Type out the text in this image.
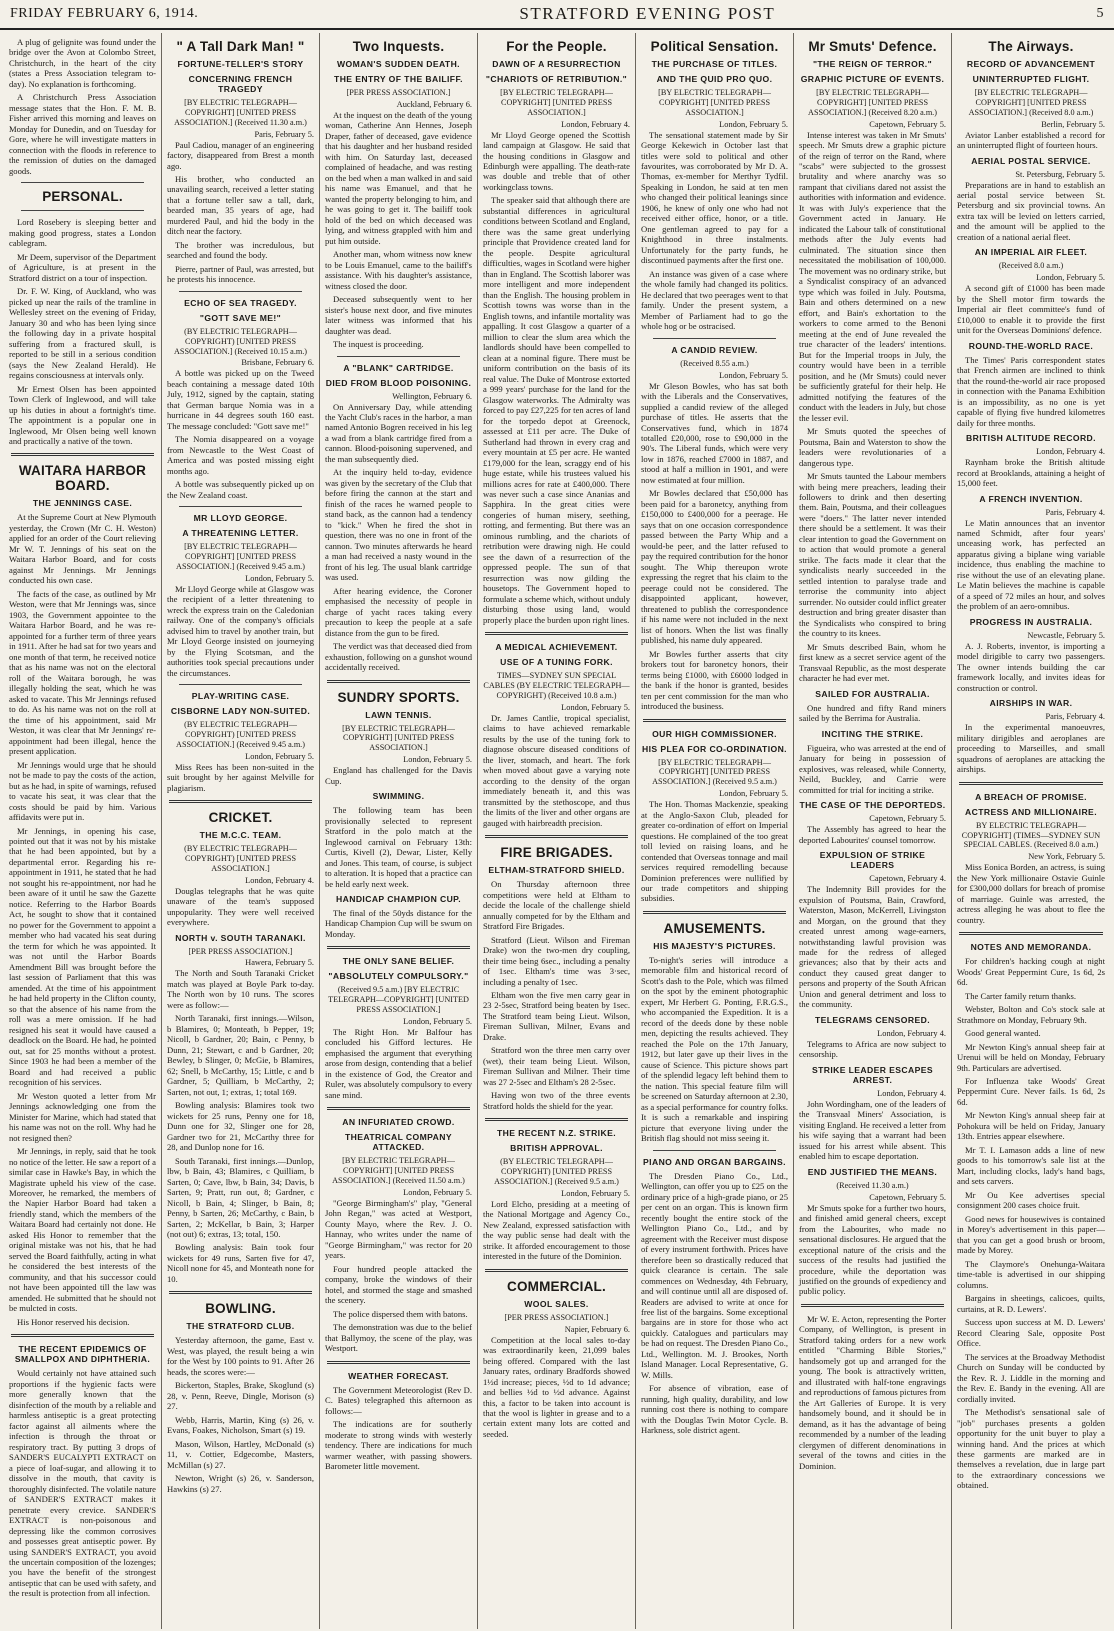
FRIDAY FEBRUARY 6, 1914.	STRATFORD EVENING POST	5

A plug of gelignite was found under the bridge over the Avon at Colombo Street, Christchurch, in the heart of the city (states a Press Association telegram to-day). No explanation is forthcoming.

A Christchurch Press Association message states that the Hon. F. M. B. Fisher arrived this morning and leaves on Monday for Dunedin, and on Tuesday for Gore, where he will investigate matters in connection with the floods in reference to the remission of duties on the damaged goods.

PERSONAL.

Lord Rosebery is sleeping better and making good progress, states a London cablegram.

Mr Deem, supervisor of the Department of Agriculture, is at present in the Stratford district on a tour of inspection.

Dr. F. W. King, of Auckland, who was picked up near the rails of the tramline in Wellesley street on the evening of Friday, January 30 and who has been lying since the following day in a private hospital suffering from a fractured skull, is reported to be still in a serious condition (says the New Zealand Herald). He regains consciousness at intervals only.

Mr Ernest Olsen has been appointed Town Clerk of Inglewood, and will take up his duties in about a fortnight's time. The appointment is a popular one in Inglewood, Mr Olsen being well known and practically a native of the town.

WAITARA HARBOR BOARD.
THE JENNINGS CASE.

At the Supreme Court at New Plymouth yesterday, the Crown (Mr C. H. Weston) applied for an order of the Court relieving Mr W. T. Jennings of his seat on the Waitara Harbor Board, and for costs against Mr Jennings. Mr Jennings conducted his own case.

The facts of the case, as outlined by Mr Weston, were that Mr Jennings was, since 1903, the Government appointee to the Waitara Harbor Board, and he was re-appointed for a further term of three years in 1911. After he had sat for two years and one month of that term, he received notice that as his name was not on the electoral roll of the Waitara borough, he was illegally holding the seat, which he was asked to vacate. This Mr Jennings refused to do. As his name was not on the roll at the time of his appointment, said Mr Weston, it was clear that Mr Jennings' re-appointment had been illegal, hence the present application.

Mr Jennings would urge that he should not be made to pay the costs of the action, but as he had, in spite of warnings, refused to vacate his seat, it was clear that the costs should be paid by him. Various affidavits were put in.

Mr Jennings, in opening his case, pointed out that it was not by his mistake that he had been appointed, but by a departmental error. Regarding his re-appointment in 1911, he stated that he had not sought his re-appointment, nor had he been aware of it until he saw the Gazette notice. Referring to the Harbor Boards Act, he sought to show that it contained no power for the Government to appoint a member who had vacated his seat during the term for which he was appointed. It was not until the Harbor Boards Amendment Bill was brought before the last session of Parliament that this was amended. At the time of his appointment he had held property in the Clifton county, so that the absence of his name from the roll was a mere omission. If he had resigned his seat it would have caused a deadlock on the Board. He had, he pointed out, sat for 25 months without a protest. Since 1903 he had been a member of the Board and had received a public recognition of his services.

Mr Weston quoted a letter from Mr Jennings acknowledging one from the Minister for Marine, which had stated that his name was not on the roll. Why had he not resigned then?

Mr Jennings, in reply, said that he took no notice of the letter. He saw a report of a similar case in Hawke's Bay, in which the Magistrate upheld his view of the case. Moreover, he remarked, the members of the Napier Harbor Board had taken a friendly stand, which the members of the Waitara Board had certainly not done. He asked His Honor to remember that the original mistake was not his, that he had served the Board faithfully, acting in what he considered the best interests of the community, and that his successor could not have been appointed till the law was amended. He submitted that he should not be mulcted in costs.

His Honor reserved his decision.

THE RECENT EPIDEMICS OF SMALLPOX AND DIPHTHERIA.

Would certainly not have attained such proportions if the hygienic facts were more generally known that the disinfection of the mouth by a reliable and harmless antiseptic is a great protecting factor against all ailments where the infection is through the throat or respiratory tract. By putting 3 drops of SANDER'S EUCALYPTI EXTRACT on a piece of loaf-sugar, and allowing it to dissolve in the mouth, that cavity is thoroughly disinfected. The volatile nature of SANDER'S EXTRACT makes it penetrate every crevice. SANDER'S EXTRACT is non-poisonous and depressing like the common corrosives and possesses great antiseptic power. By using SANDER'S EXTRACT, you avoid the uncertain composition of the lozenges; you have the benefit of the strongest antiseptic that can be used with safety, and the result is protection from all infection.

" A Tall Dark Man! "
FORTUNE-TELLER'S STORY
CONCERNING FRENCH TRAGEDY
[BY ELECTRIC TELEGRAPH—COPYRIGHT] [UNITED PRESS ASSOCIATION.] (Received 11.30 a.m.)
Paris, February 5.

Paul Cadiou, manager of an engineering factory, disappeared from Brest a month ago.

His brother, who conducted an unavailing search, received a letter stating that a fortune teller saw a tall, dark, bearded man, 35 years of age, had murdered Paul, and hid the body in the ditch near the factory.

The brother was incredulous, but searched and found the body.

Pierre, partner of Paul, was arrested, but he protests his innocence.

ECHO OF SEA TRAGEDY.
"GOTT SAVE ME!"
(BY ELECTRIC TELEGRAPH—COPYRIGHT) [UNITED PRESS ASSOCIATION.] (Received 10.15 a.m.)
Brisbane, February 6.

A bottle was picked up on the Tweed beach containing a message dated 10th July, 1912, signed by the captain, stating that German barque Nomia was in a hurricane in 44 degrees south 160 east. The message concluded: "Gott save me!"

The Nomia disappeared on a voyage from Newcastle to the West Coast of America and was posted missing eight months ago.

A bottle was subsequently picked up on the New Zealand coast.

MR LLOYD GEORGE.
A THREATENING LETTER.
[BY ELECTRIC TELEGRAPH—COPYRIGHT] [UNITED PRESS ASSOCIATION.] (Received 9.45 a.m.)
London, February 5.

Mr Lloyd George while at Glasgow was the recipient of a letter threatening to wreck the express train on the Caledonian railway. One of the company's officials advised him to travel by another train, but Mr Lloyd George insisted on journeying by the Flying Scotsman, and the authorities took special precautions under the circumstances.

PLAY-WRITING CASE.
CISBORNE LADY NON-SUITED.
(BY ELECTRIC TELEGRAPH—COPYRIGHT) [UNITED PRESS ASSOCIATION.] (Received 9.45 a.m.)
London, February 5.

Miss Rees has been non-suited in the suit brought by her against Melville for plagiarism.

CRICKET.
THE M.C.C. TEAM.
(BY ELECTRIC TELEGRAPH—COPYRIGHT) [UNITED PRESS ASSOCIATION.]
London, February 4.

Douglas telegraphs that he was quite unaware of the team's supposed unpopularity. They were well received everywhere.

NORTH v. SOUTH TARANAKI.
[PER PRESS ASSOCIATION.]
Hawera, February 5.

The North and South Taranaki Cricket match was played at Boyle Park to-day. The North won by 10 runs. The scores were as follow:—

North Taranaki, first innings.—Wilson, b Blamires, 0; Monteath, b Pepper, 19; Nicoll, b Gardner, 20; Bain, c Penny, b Dunn, 21; Stewart, c and b Gardner, 20; Bewley, b Slinger, 0; McGie, b Blamires, 62; Snell, b McCarthy, 15; Little, c and b Gardner, 5; Quilliam, b McCarthy, 2; Sarten, not out, 1; extras, 1; total 169.

Bowling analysis: Blamires took two wickets for 25 runs, Penny one for 18, Dunn one for 32, Slinger one for 28, Gardner two for 21, McCarthy three for 28, and Dunlop none for 16.

South Taranaki, first innings.—Dunlop, lbw, b Bain, 43; Blamires, c Quilliam, b Sarten, 0; Cave, lbw, b Bain, 34; Davis, b Sarten, 9; Pratt, run out, 8; Gardner, c Nicoll, b Bain, 4; Slinger, b Bain, 8; Penny, b Sarten, 26; McCarthy, c Bain, b Sarten, 2; McKellar, b Bain, 3; Harper (not out) 6; extras, 13; total, 150.

Bowling analysis: Bain took four wickets for 49 runs, Sarten five for 47, Nicoll none for 45, and Monteath none for 10.

BOWLING.
THE STRATFORD CLUB.

Yesterday afternoon, the game, East v. West, was played, the result being a win for the West by 100 points to 91. After 26 heads, the scores were:—

Bickerton, Staples, Brake, Skoglund (s) 28, v. Penn, Reeve, Dingle, Morison (s) 27.

Webb, Harris, Martin, King (s) 26, v. Evans, Foakes, Nicholson, Smart (s) 19.

Mason, Wilson, Hartley, McDonald (s) 11, v. Cottier, Edgecombe, Masters, McMillan (s) 27.

Newton, Wright (s) 26, v. Sanderson, Hawkins (s) 27.

Two Inquests.
WOMAN'S SUDDEN DEATH.
THE ENTRY OF THE BAILIFF.
[PER PRESS ASSOCIATION.]
Auckland, February 6.

At the inquest on the death of the young woman, Catherine Ann Hennes, Joseph Draper, father of deceased, gave evidence that his daughter and her husband resided with him. On Saturday last, deceased complained of headache, and was resting on the bed when a man walked in and said his name was Emanuel, and that he wanted the property belonging to him, and he was going to get it. The bailiff took hold of the bed on which deceased was lying, and witness grappled with him and put him outside.

Another man, whom witness now knew to be Louis Emanuel, came to the bailiff's assistance. With his daughter's assistance, witness closed the door.

Deceased subsequently went to her sister's house next door, and five minutes later witness was informed that his daughter was dead.

The inquest is proceeding.

A "BLANK" CARTRIDGE.
DIED FROM BLOOD POISONING.
Wellington, February 6.

On Anniversary Day, while attending the Yacht Club's races in the harbor, a man named Antonio Bogren received in his leg a wad from a blank cartridge fired from a cannon. Blood-poisoning supervened, and the man subsequently died.

At the inquiry held to-day, evidence was given by the secretary of the Club that before firing the cannon at the start and finish of the races he warned people to stand back, as the cannon had a tendency to "kick." When he fired the shot in question, there was no one in front of the cannon. Two minutes afterwards he heard a man had received a nasty wound in the front of his leg. The usual blank cartridge was used.

After hearing evidence, the Coroner emphasised the necessity of people in charge of yacht races taking every precaution to keep the people at a safe distance from the gun to be fired.

The verdict was that deceased died from exhaustion, following on a gunshot wound accidentally received.

SUNDRY SPORTS.
LAWN TENNIS.
[BY ELECTRIC TELEGRAPH—COPYRIGHT] [UNITED PRESS ASSOCIATION.]
London, February 5.

England has challenged for the Davis Cup.

SWIMMING.

The following team has been provisionally selected to represent Stratford in the polo match at the Inglewood carnival on February 13th: Curtis, Kivell (2), Dewar, Lister, Kelly and Jones. This team, of course, is subject to alteration. It is hoped that a practice can be held early next week.

HANDICAP CHAMPION CUP.

The final of the 50yds distance for the Handicap Champion Cup will be swum on Monday.

THE ONLY SANE BELIEF.
"ABSOLUTELY COMPULSORY."
(Received 9.5 a.m.) [BY ELECTRIC TELEGRAPH—COPYRIGHT] [UNITED PRESS ASSOCIATION.]
London, February 5.

The Right Hon. Mr Balfour has concluded his Gifford lectures. He emphasised the argument that everything arose from design, contending that a belief in the existence of God, the Creator and Ruler, was absolutely compulsory to every sane mind.

AN INFURIATED CROWD.
THEATRICAL COMPANY ATTACKED.
[BY ELECTRIC TELEGRAPH—COPYRIGHT] [UNITED PRESS ASSOCIATION.] (Received 11.50 a.m.)
London, February 5.

"George Birmingham's" play, "General John Regan," was acted at Westport, County Mayo, where the Rev. J. O. Hannay, who writes under the name of "George Birmingham," was rector for 20 years.

Four hundred people attacked the company, broke the windows of their hotel, and stormed the stage and smashed the scenery.

The police dispersed them with batons.

The demonstration was due to the belief that Ballymoy, the scene of the play, was Westport.

WEATHER FORECAST.

The Government Meteorologist (Rev D. C. Bates) telegraphed this afternoon as follows:—

The indications are for southerly moderate to strong winds with westerly tendency. There are indications for much warmer weather, with passing showers. Barometer little movement.

For the People.
DAWN OF A RESURRECTION
"CHARIOTS OF RETRIBUTION."
[BY ELECTRIC TELEGRAPH—COPYRIGHT] [UNITED PRESS ASSOCIATION.]
London, February 4.

Mr Lloyd George opened the Scottish land campaign at Glasgow. He said that the housing conditions in Glasgow and Edinburgh were appalling. The death-rate was double and treble that of other workingclass towns.

The speaker said that although there are substantial differences in agricultural conditions between Scotland and England, there was the same great underlying principle that Providence created land for the people. Despite agricultural difficulties, wages in Scotland were higher than in England. The Scottish laborer was more intelligent and more independent than the English. The housing problem in Scottish towns was worse than in the English towns, and infantile mortality was appalling. It cost Glasgow a quarter of a million to clear the slum area which the landlords should have been compelled to clean at a nominal figure. There must be uniform contribution on the basis of its real value. The Duke of Montrose extorted a 999 years' purchase for the land for the Glasgow waterworks. The Admiralty was forced to pay £27,225 for ten acres of land for the torpedo depot at Greenock, assessed at £11 per acre. The Duke of Sutherland had thrown in every crag and every mountain at £5 per acre. He wanted £179,000 for the lean, scraggy end of his huge estate, while his trustees valued his millions acres for rate at £400,000. There was never such a case since Ananias and Sapphira. In the great cities were congeries of human misery, seething, rotting, and fermenting. But there was an ominous rumbling, and the chariots of retribution were drawing nigh. He could see the dawn of a resurrection of the oppressed people. The sun of that resurrection was now gilding the housetops. The Government hoped to formulate a scheme which, without unduly disturbing those using land, would properly place the burden upon right lines.

A MEDICAL ACHIEVEMENT.
USE OF A TUNING FORK.
TIMES—SYDNEY SUN SPECIAL CABLES (BY ELECTRIC TELEGRAPH—COPYRIGHT) (Received 10.8 a.m.)
London, February 5.

Dr. James Cantlie, tropical specialist, claims to have achieved remarkable results by the use of the tuning fork to diagnose obscure diseased conditions of the liver, stomach, and heart. The fork when moved about gave a varying note according to the density of the organ immediately beneath it, and this was transmitted by the stethoscope, and thus the limits of the liver and other organs are gauged with hairbreadth precision.

FIRE BRIGADES.
ELTHAM-STRATFORD SHIELD.

On Thursday afternoon three competitions were held at Eltham to decide the locale of the challenge shield annually competed for by the Eltham and Stratford Fire Brigades.

Stratford (Lieut. Wilson and Fireman Drake) won the two-men dry coupling, their time being 6sec., including a penalty of 1sec. Eltham's time was 3·sec, including a penalty of 1sec.

Eltham won the five men carry gear in 23 2-5sec, Stratford being beaten by 1sec. The Stratford team being Lieut. Wilson, Fireman Sullivan, Milner, Evans and Drake.

Stratford won the three men carry over (wet), their team being Lieut. Wilson, Fireman Sullivan and Milner. Their time was 27 2-5sec and Eltham's 28 2-5sec.

Having won two of the three events Stratford holds the shield for the year.

THE RECENT N.Z. STRIKE.
BRITISH APPROVAL.
(BY ELECTRIC TELEGRAPH—COPYRIGHT) [UNITED PRESS ASSOCIATION.] (Received 9.5 a.m.)
London, February 5.

Lord Elcho, presiding at a meeting of the National Mortgage and Agency Co., New Zealand, expressed satisfaction with the way public sense had dealt with the strike. It afforded encouragement to those interested in the future of the Dominion.

COMMERCIAL.
WOOL SALES.
[PER PRESS ASSOCIATION.]
Napier, February 6.

Competition at the local sales to-day was extraordinarily keen, 21,099 bales being offered. Compared with the last January rates, ordinary Bradfords showed 1½d increase; pieces, ½d to 1d advance; and bellies ½d to ½d advance. Against this, a factor to be taken into account is that the wool is lighter in grease and to a certain extent many lots are cotted and seeded.

Political Sensation.
THE PURCHASE OF TITLES.
AND THE QUID PRO QUO.
[BY ELECTRIC TELEGRAPH—COPYRIGHT] [UNITED PRESS ASSOCIATION.]
London, February 5.

The sensational statement made by Sir George Kekewich in October last that titles were sold to political and other favourites, was corroborated by Mr D. A. Thomas, ex-member for Merthyr Tydfil. Speaking in London, he said at ten men who changed their political leanings since 1906, he knew of only one who had not received either office, honor, or a title. One gentleman agreed to pay for a Knighthood in three instalments. Unfortunately for the party funds, he discontinued payments after the first one.

An instance was given of a case where the whole family had changed its politics. He declared that two peerages went to that family. Under the present system, a Member of Parliament had to go the whole hog or be ostracised.

A CANDID REVIEW.
(Received 8.55 a.m.)
London, February 5.

Mr Gleson Bowles, who has sat both with the Liberals and the Conservatives, supplied a candid review of the alleged purchase of titles. He asserts that the Conservatives fund, which in 1874 totalled £20,000, rose to £90,000 in the 90's. The Liberal funds, which were very low in 1876, reached £7000 in 1887, and stood at half a million in 1901, and were now estimated at four million.

Mr Bowles declared that £50,000 has been paid for a baronetcy, anything from £150,000 to £400,000 for a peerage. He says that on one occasion correspondence passed between the Party Whip and a would-be peer, and the latter refused to pay the required contribution for the honor sought. The Whip thereupon wrote expressing the regret that his claim to the peerage could not be considered. The disappointed applicant, however, threatened to publish the correspondence if his name were not included in the next list of honors. When the list was finally published, his name duly appeared.

Mr Bowles further asserts that city brokers tout for baronetcy honors, their terms being £1000, with £6000 lodged in the bank if the honor is granted, besides ten per cent commission for the man who introduced the business.

OUR HIGH COMMISSIONER.
HIS PLEA FOR CO-ORDINATION.
[BY ELECTRIC TELEGRAPH—COPYRIGHT] [UNITED PRESS ASSOCIATION.] (Received 9.5 a.m.)
London, February 5.

The Hon. Thomas Mackenzie, speaking at the Anglo-Saxon Club, pleaded for greater co-ordination of effort on Imperial questions. He complained of the too great toll levied on raising loans, and he contended that Overseas tonnage and mail services required remodelling because Dominion preferences were nullified by our trade competitors and shipping subsidies.

AMUSEMENTS.
HIS MAJESTY'S PICTURES.

To-night's series will introduce a memorable film and historical record of Scott's dash to the Pole, which was filmed on the spot by the eminent photographic expert, Mr Herbert G. Ponting, F.R.G.S., who accompanied the Expedition. It is a record of the deeds done by these noble men, depicting the results achieved. They reached the Pole on the 17th January, 1912, but later gave up their lives in the cause of Science. This picture shows part of the splendid legacy left behind them to the nation. This special feature film will be screened on Saturday afternoon at 2.30, as a special performance for country folks. It is such a remarkable and inspiring picture that everyone living under the British flag should not miss seeing it.

PIANO AND ORGAN BARGAINS.

The Dresden Piano Co., Ltd., Wellington, can offer you up to £25 on the ordinary price of a high-grade piano, or 25 per cent on an organ. This is known firm recently bought the entire stock of the Wellington Piano Co., Ltd., and by agreement with the Receiver must dispose of every instrument forthwith. Prices have therefore been so drastically reduced that quick clearance is certain. The sale commences on Wednesday, 4th February, and will continue until all are disposed of. Readers are advised to write at once for free list of the bargains. Some exceptional bargains are in store for those who act quickly. Catalogues and particulars may be had on request. The Dresden Piano Co., Ltd., Wellington. M. J. Brookes, North Island Manager. Local Representative, G. W. Mills.

For absence of vibration, ease of running, high quality, durability, and low running cost there is nothing to compare with the Douglas Twin Motor Cycle. B. Harkness, sole district agent.

Mr Smuts' Defence.
"THE REIGN OF TERROR."
GRAPHIC PICTURE OF EVENTS.
[BY ELECTRIC TELEGRAPH—COPYRIGHT] [UNITED PRESS ASSOCIATION.] (Received 8.20 a.m.)
Capetown, February 5.

Intense interest was taken in Mr Smuts' speech. Mr Smuts drew a graphic picture of the reign of terror on the Rand, where "scabs" were subjected to the grossest brutality and where anarchy was so rampant that civilians dared not assist the authorities with information and evidence. It was with July's experience that the Government acted in January. He indicated the Labour talk of constitutional methods after the July events had culminated. The situation since then necessitated the mobilisation of 100,000. The movement was no ordinary strike, but a Syndicalist conspiracy of an advanced type which was foiled in July. Poutsma, Bain and others determined on a new effort, and Bain's exhortation to the workers to come armed to the Benoni meeting at the end of June revealed the true character of the leaders' intentions. But for the Imperial troops in July, the country would have been in a terrible position, and he (Mr Smuts) could never be sufficiently grateful for their help. He admitted notifying the features of the conduct with the leaders in July, but chose the lesser evil.

Mr Smuts quoted the speeches of Poutsma, Bain and Waterston to show the leaders were revolutionaries of a dangerous type.

Mr Smuts taunted the Labour members with being mere preachers, leading their followers to drink and then deserting them. Bain, Poutsma, and their colleagues were "doers." The latter never intended there should be a settlement. It was their clear intention to goad the Government on to action that would promote a general strike. The facts made it clear that the syndicalists nearly succeeded in the settled intention to paralyse trade and terrorise the community into abject surrender. No outsider could inflict greater destruction and bring greater disaster than the Syndicalists who conspired to bring the country to its knees.

Mr Smuts described Bain, whom he first knew as a secret service agent of the Transvaal Republic, as the most desperate character he had ever met.

SAILED FOR AUSTRALIA.

One hundred and fifty Rand miners sailed by the Berrima for Australia.

INCITING THE STRIKE.

Figueira, who was arrested at the end of January for being in possession of explosives, was released, while Connerty, Neild, Buckley, and Carrie were committed for trial for inciting a strike.

THE CASE OF THE DEPORTEDS.
Capetown, February 5.

The Assembly has agreed to hear the deported Labourites' counsel tomorrow.

EXPULSION OF STRIKE LEADERS
Capetown, February 4.

The Indemnity Bill provides for the expulsion of Poutsma, Bain, Crawford, Waterston, Mason, McKerrell, Livingston and Morgan, on the ground that they created unrest among wage-earners, notwithstanding lawful provision was made for the redress of alleged grievances; also that by their acts and conduct they caused great danger to persons and property of the South African Union and general detriment and loss to the community.

TELEGRAMS CENSORED.
London, February 4.

Telegrams to Africa are now subject to censorship.

STRIKE LEADER ESCAPES ARREST.
London, February 4.

John Wordingham, one of the leaders of the Transvaal Miners' Association, is visiting England. He received a letter from his wife saying that a warrant had been issued for his arrest while absent. This enabled him to escape deportation.

END JUSTIFIED THE MEANS.
(Received 11.30 a.m.)
Capetown, February 5.

Mr Smuts spoke for a further two hours, and finished amid general cheers, except from the Labourites, who made no sensational disclosures. He argued that the exceptional nature of the crisis and the success of the results had justified the procedure, while the deportation was justified on the grounds of expediency and public policy.

Mr W. E. Acton, representing the Porter Company, of Wellington, is present in Stratford taking orders for a new work entitled "Charming Bible Stories," handsomely got up and arranged for the young. The book is attractively written, and illustrated with half-tone engravings and reproductions of famous pictures from the Art Galleries of Europe. It is very handsomely bound, and it should be in demand, as it has the advantage of being recommended by a number of the leading clergymen of different denominations in several of the towns and cities in the Dominion.

The Airways.
RECORD OF ADVANCEMENT
UNINTERRUPTED FLIGHT.
[BY ELECTRIC TELEGRAPH—COPYRIGHT] [UNITED PRESS ASSOCIATION.] (Received 8.0 a.m.)
Berlin, February 5.

Aviator Lanber established a record for an uninterrupted flight of fourteen hours.

AERIAL POSTAL SERVICE.
St. Petersburg, February 5.

Preparations are in hand to establish an aerial postal service between St. Petersburg and six provincial towns. An extra tax will be levied on letters carried, and the amount will be applied to the creation of a national aerial fleet.

AN IMPERIAL AIR FLEET.
(Received 8.0 a.m.)
London, February 5.

A second gift of £1000 has been made by the Shell motor firm towards the Imperial air fleet committee's fund of £10,000 to enable it to provide the first unit for the Overseas Dominions' defence.

ROUND-THE-WORLD RACE.

The Times' Paris correspondent states that French airmen are inclined to think that the round-the-world air race proposed in connection with the Panama Exhibition is an impossibility, as no one is yet capable of flying five hundred kilometres daily for three months.

BRITISH ALTITUDE RECORD.
London, February 4.

Raynham broke the British altitude record at Brooklands, attaining a height of 15,000 feet.

A FRENCH INVENTION.
Paris, February 4.

Le Matin announces that an inventor named Schmidt, after four years' unceasing work, has perfected an apparatus giving a biplane wing variable incidence, thus enabling the machine to rise without the use of an elevating plane. Le Matin believes the machine is capable of a speed of 72 miles an hour, and solves the problem of an aero-omnibus.

PROGRESS IN AUSTRALIA.
Newcastle, February 5.

A. J. Roberts, inventor, is importing a model dirigible to carry two passengers. The owner intends building the car framework locally, and invites ideas for construction or control.

AIRSHIPS IN WAR.
Paris, February 4.

In the experimental manoeuvres, military dirigibles and aeroplanes are proceeding to Marseilles, and small squadrons of aeroplanes are attacking the airships.

A BREACH OF PROMISE.
ACTRESS AND MILLIONAIRE.
BY ELECTRIC TELEGRAPH—COPYRIGHT] (TIMES—SYDNEY SUN SPECIAL CABLES. (Received 8.0 a.m.)
New York, February 5.

Miss Eonica Borden, an actress, is suing the New York millionaire Ostavie Guinle for £300,000 dollars for breach of promise of marriage. Guinle was arrested, the actress alleging he was about to flee the country.

NOTES AND MEMORANDA.

For children's hacking cough at night Woods' Great Peppermint Cure, 1s 6d, 2s 6d.

The Carter family return thanks.

Webster, Bolton and Co's stock sale at Strathmore on Monday, February 9th.

Good general wanted.

Mr Newton King's annual sheep fair at Urenui will be held on Monday, February 9th. Particulars are advertised.

For Influenza take Woods' Great Peppermint Cure. Never fails. 1s 6d, 2s 6d.

Mr Newton King's annual sheep fair at Pohokura will be held on Friday, January 13th. Entries appear elsewhere.

Mr T. I. Lamason adds a line of new goods to his tomorrow's sale list at the Mart, including clocks, lady's hand bags, and sets carvers.

Mr Ou Kee advertises special consignment 200 cases choice fruit.

Good news for housewives is contained in Morey's advertisement in this paper—that you can get a good brush or broom, made by Morey.

The Claymore's Onehunga-Waitara time-table is advertised in our shipping columns.

Bargains in sheetings, calicoes, quilts, curtains, at R. D. Lewers'.

Success upon success at M. D. Lewers' Record Clearing Sale, opposite Post Office.

The services at the Broadway Methodist Church on Sunday will be conducted by the Rev. R. J. Liddle in the morning and the Rev. E. Bandy in the evening. All are cordially invited.

The Methodist's sensational sale of "job" purchases presents a golden opportunity for the unit buyer to play a winning hand. And the prices at which these garments are marked are in themselves a revelation, due in large part to the extraordinary concessions we obtained.
